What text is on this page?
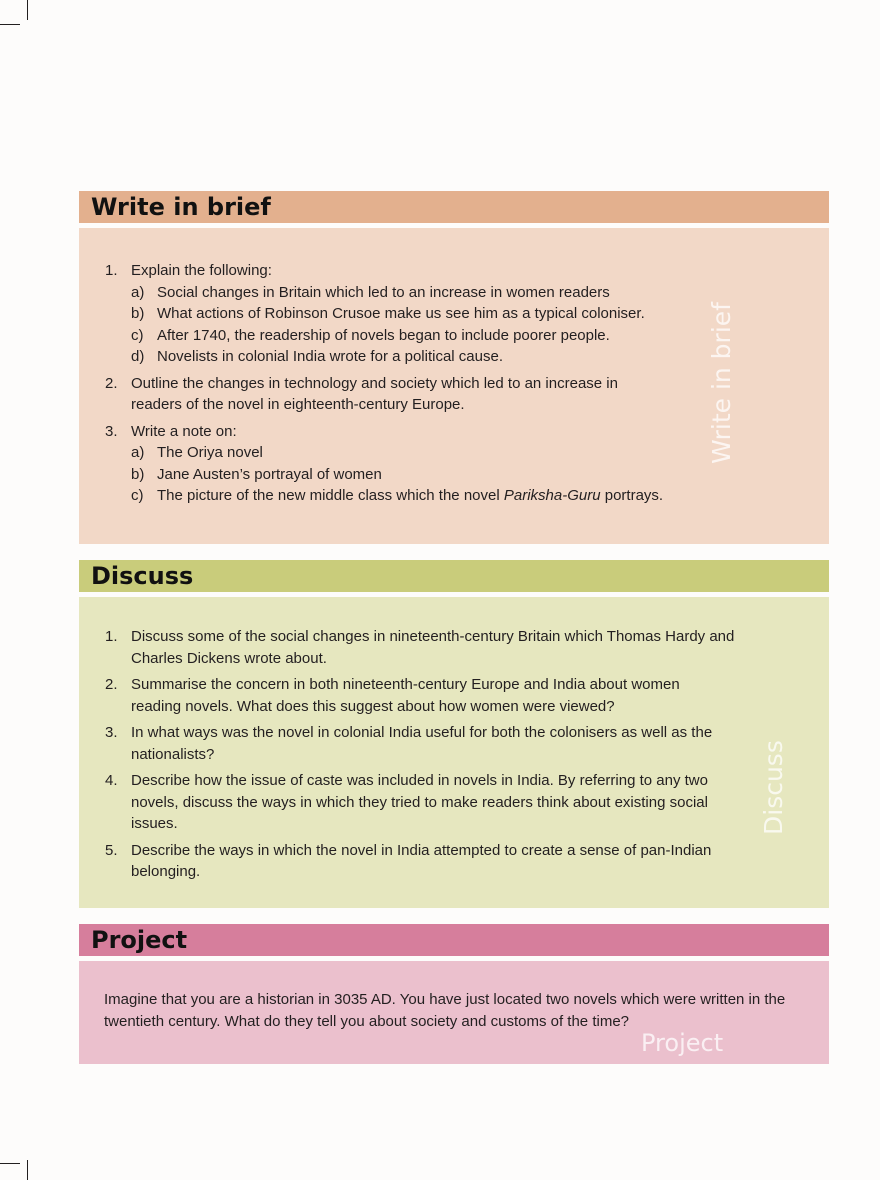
Write in brief
Write in brief
1. Explain the following:
a) Social changes in Britain which led to an increase in women readers
b) What actions of Robinson Crusoe make us see him as a typical coloniser.
c) After 1740, the readership of novels began to include poorer people.
d) Novelists in colonial India wrote for a political cause.
2. Outline the changes in technology and society which led to an increase in readers of the novel in eighteenth-century Europe.
3. Write a note on:
a) The Oriya novel
b) Jane Austen’s portrayal of women
c) The picture of the new middle class which the novel Pariksha-Guru portrays.
Discuss
Discuss
1. Discuss some of the social changes in nineteenth-century Britain which Thomas Hardy and Charles Dickens wrote about.
2. Summarise the concern in both nineteenth-century Europe and India about women reading novels. What does this suggest about how women were viewed?
3. In what ways was the novel in colonial India useful for both the colonisers as well as the nationalists?
4. Describe how the issue of caste was included in novels in India. By referring to any two novels, discuss the ways in which they tried to make readers think about existing social issues.
5. Describe the ways in which the novel in India attempted to create a sense of pan-Indian belonging.
Project
Imagine that you are a historian in 3035 AD. You have just located two novels which were written in the twentieth century. What do they tell you about society and customs of the time?
Project
